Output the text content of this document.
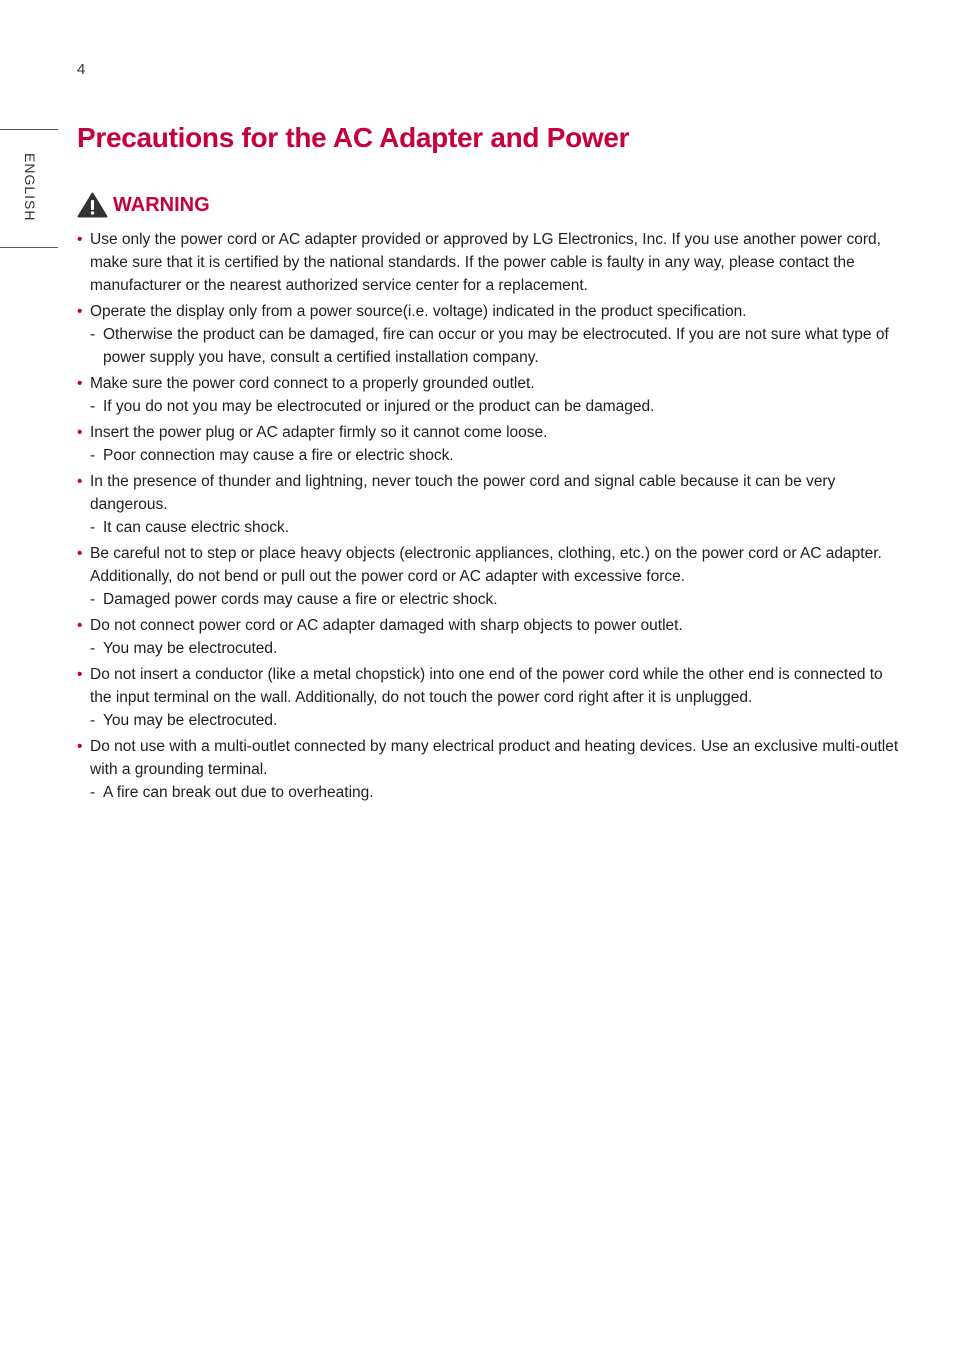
4
ENGLISH
Precautions for the AC Adapter and Power
WARNING
• Use only the power cord or AC adapter provided or approved by LG Electronics, Inc. If you use another power cord, make sure that it is certified by the national standards. If the power cable is faulty in any way, please contact the manufacturer or the nearest authorized service center for a replacement.
• Operate the display only from a power source(i.e. voltage) indicated in the product specification.
- Otherwise the product can be damaged, fire can occur or you may be electrocuted. If you are not sure what type of power supply you have, consult a certified installation company.
• Make sure the power cord connect to a properly grounded outlet.
- If you do not you may be electrocuted or injured or the product can be damaged.
• Insert the power plug or AC adapter firmly so it cannot come loose.
- Poor connection may cause a fire or electric shock.
• In the presence of thunder and lightning, never touch the power cord and signal cable because it can be very dangerous.
- It can cause electric shock.
• Be careful not to step or place heavy objects (electronic appliances, clothing, etc.) on the power cord or AC adapter. Additionally, do not bend or pull out the power cord or AC adapter with excessive force.
- Damaged power cords may cause a fire or electric shock.
• Do not connect power cord or AC adapter damaged with sharp objects to power outlet.
- You may be electrocuted.
• Do not insert a conductor (like a metal chopstick) into one end of the power cord while the other end is connected to the input terminal on the wall. Additionally, do not touch the power cord right after it is unplugged.
- You may be electrocuted.
• Do not use with a multi-outlet connected by many electrical product and heating devices. Use an exclusive multi-outlet with a grounding terminal.
- A fire can break out due to overheating.
